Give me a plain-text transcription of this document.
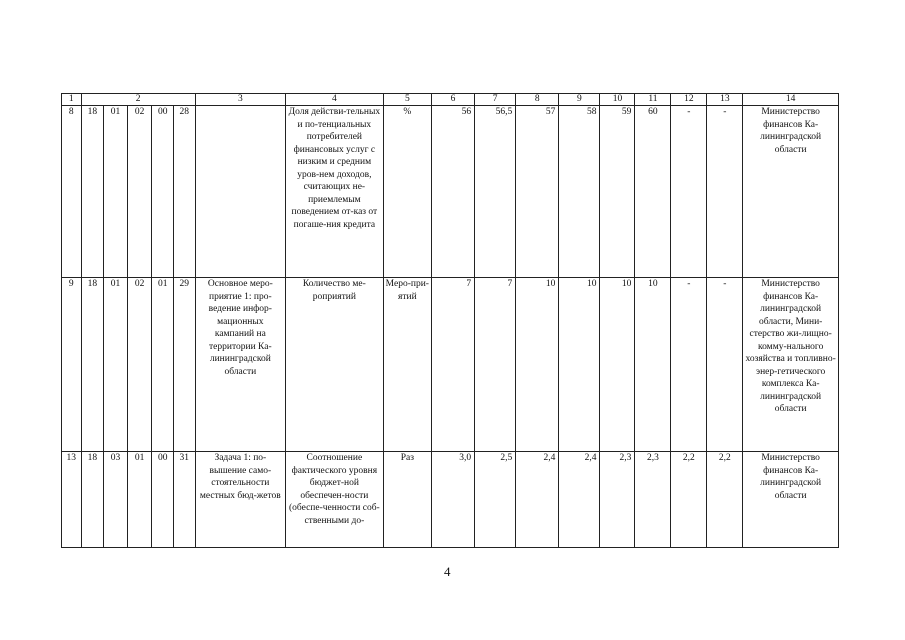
1	2					3	4	5	6	7	8	9	10	11	12	13	14
8	18	01	02	00	28		Доля действи-тельных и по-тенциальных потребителей финансовых услуг с низким и средним уров-нем доходов, считающих не-приемлемым поведением от-каз от погаше-ния кредита	%	56	56,5	57	58	59	60	-	-	Министерство финансов Ка-лининградской области
9	18	01	02	01	29	Основное меро-приятие 1: про-ведение инфор-мационных кампаний на территории Ка-лининградской области	Количество ме-роприятий	Меро-при-ятий	7	7	10	10	10	10	-	-	Министерство финансов Ка-лининградской области, Мини-стерство жи-лищно-комму-нального хозяйства и топливно-энер-гетического комплекса Ка-лининградской области
13	18	03	01	00	31	Задача 1: по-вышение само-стоятельности местных бюд-жетов	Соотношение фактического уровня бюджет-ной обеспечен-ности (обеспе-ченности соб-ственными до-	Раз	3,0	2,5	2,4	2,4	2,3	2,3	2,2	2,2	Министерство финансов Ка-лининградской области
4
